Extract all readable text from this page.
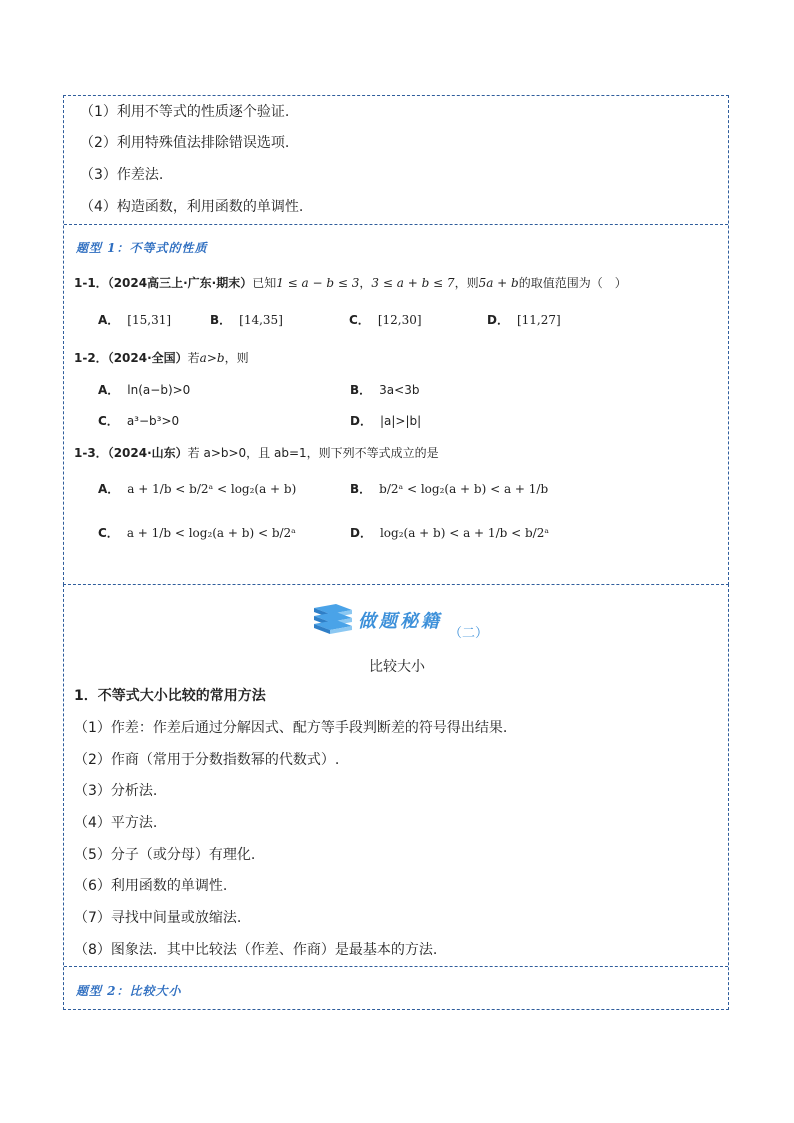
（1）利用不等式的性质逐个验证.
（2）利用特殊值法排除错误选项.
（3）作差法.
（4）构造函数，利用函数的单调性.
题型 1：不等式的性质
1-1．（2024高三上·广东·期末）已知1 ≤ a − b ≤ 3，3 ≤ a + b ≤ 7，则5a + b的取值范围为（　）
A． [15,31]	B． [14,35]	C． [12,30]	D． [11,27]
1-2．（2024·全国）若a>b，则
A． ln(a−b)>0	B． 3a<3b
C． a³−b³>0	D． |a|>|b|
1-3．（2024·山东）若 a>b>0，且 ab=1，则下列不等式成立的是
A． a + 1/b < b/2ᵃ < log₂(a + b)	B． b/2ᵃ < log₂(a + b) < a + 1/b
C． a + 1/b < log₂(a + b) < b/2ᵃ	D． log₂(a + b) < a + 1/b < b/2ᵃ
比较大小
1．不等式大小比较的常用方法
（1）作差：作差后通过分解因式、配方等手段判断差的符号得出结果.
（2）作商（常用于分数指数幂的代数式）.
（3）分析法.
（4）平方法.
（5）分子（或分母）有理化.
（6）利用函数的单调性.
（7）寻找中间量或放缩法.
（8）图象法．其中比较法（作差、作商）是最基本的方法.
题型 2：比较大小
做题秘籍
（二）
